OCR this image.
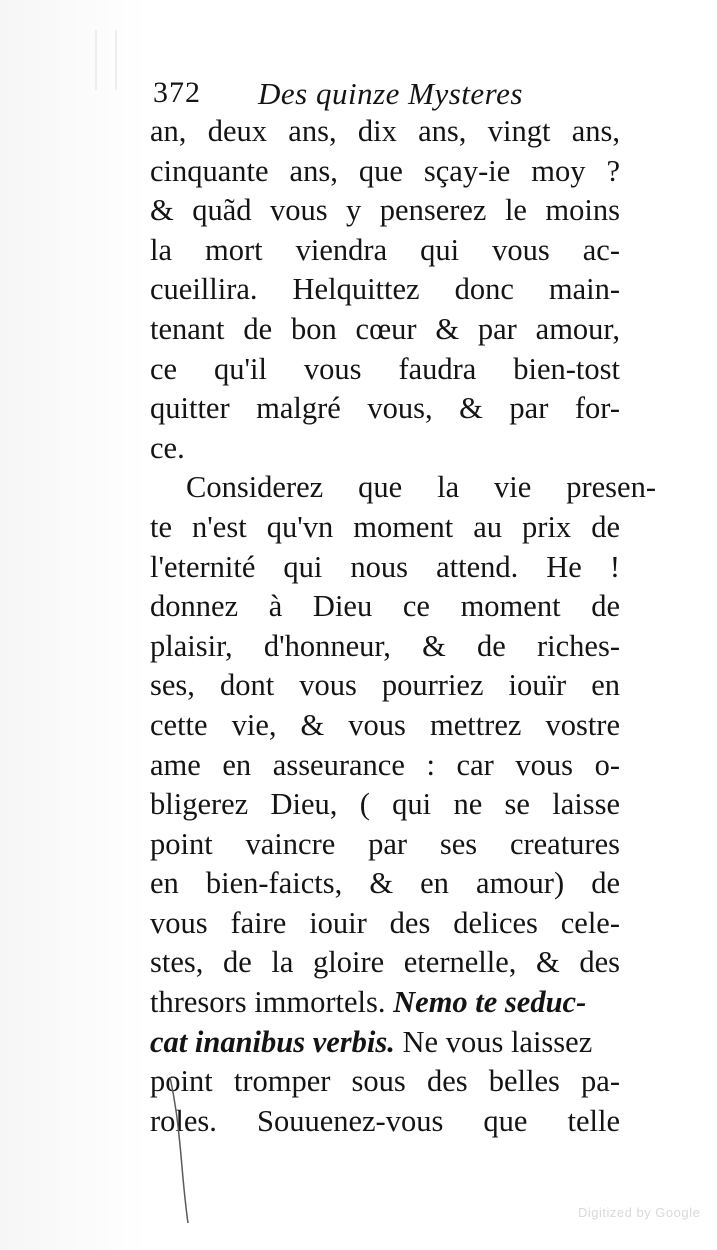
372 Des quinze Mysteres
an, deux ans, dix ans, vingt ans,
cinquante ans, que sçay-ie moy ?
& quãd vous y penserez le moins
la mort viendra qui vous ac-
cueillira. Helquittez donc main-
tenant de bon cœur & par amour,
ce qu'il vous faudra bien-tost
quitter malgré vous, & par for-
ce.
Considerez que la vie presen-
te n'est qu'vn moment au prix de
l'eternité qui nous attend. He !
donnez à Dieu ce moment de
plaisir, d'honneur, & de riches-
ses, dont vous pourriez iouïr en
cette vie, & vous mettrez vostre
ame en asseurance : car vous o-
bligerez Dieu, ( qui ne se laisse
point vaincre par ses creatures
en bien-faicts, & en amour) de
vous faire iouir des delices cele-
stes, de la gloire eternelle, & des
thresors immortels. Nemo te seduc-
cat inanibus verbis. Ne vous laissez
point tromper sous des belles pa-
roles. Souuenez-vous que telle
Digitized by Google
